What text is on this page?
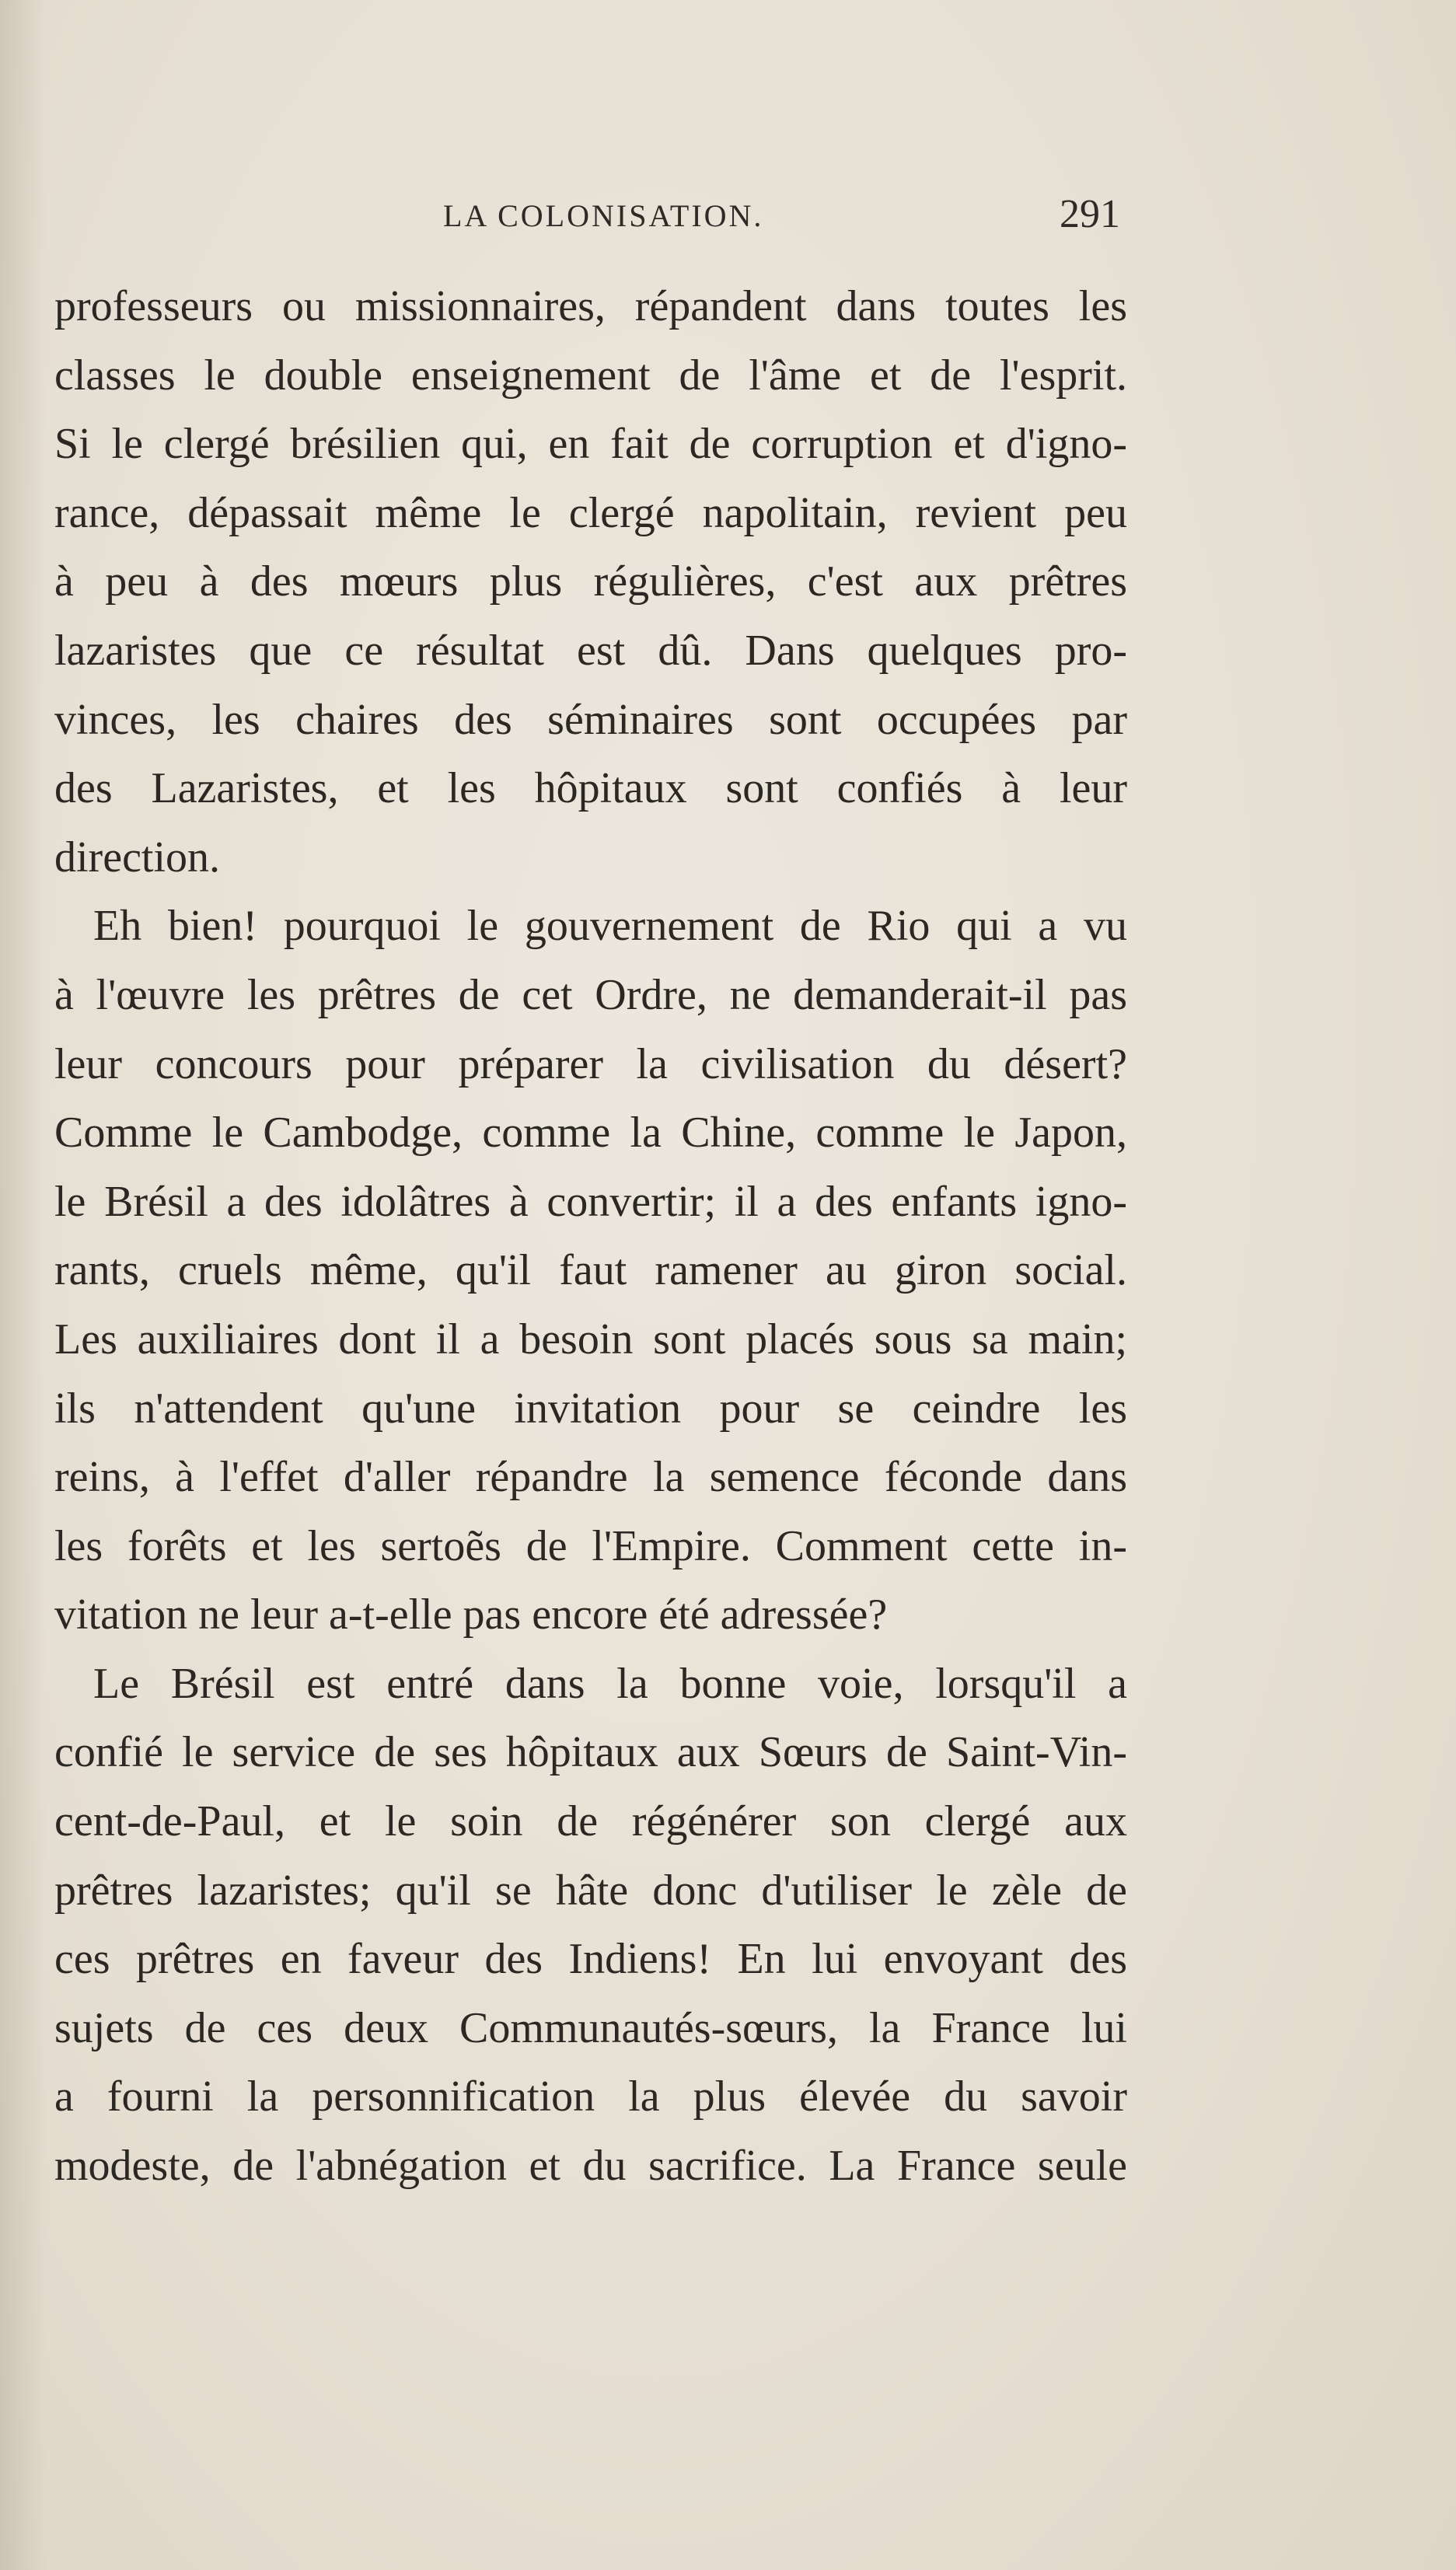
LA COLONISATION.	291
professeurs ou missionnaires, répandent dans toutes les
classes le double enseignement de l'âme et de l'esprit.
Si le clergé brésilien qui, en fait de corruption et d'igno-
rance, dépassait même le clergé napolitain, revient peu
à peu à des mœurs plus régulières, c'est aux prêtres
lazaristes que ce résultat est dû. Dans quelques pro-
vinces, les chaires des séminaires sont occupées par
des Lazaristes, et les hôpitaux sont confiés à leur
direction.
Eh bien! pourquoi le gouvernement de Rio qui a vu
à l'œuvre les prêtres de cet Ordre, ne demanderait-il pas
leur concours pour préparer la civilisation du désert?
Comme le Cambodge, comme la Chine, comme le Japon,
le Brésil a des idolâtres à convertir; il a des enfants igno-
rants, cruels même, qu'il faut ramener au giron social.
Les auxiliaires dont il a besoin sont placés sous sa main;
ils n'attendent qu'une invitation pour se ceindre les
reins, à l'effet d'aller répandre la semence féconde dans
les forêts et les sertoẽs de l'Empire. Comment cette in-
vitation ne leur a-t-elle pas encore été adressée?
Le Brésil est entré dans la bonne voie, lorsqu'il a
confié le service de ses hôpitaux aux Sœurs de Saint-Vin-
cent-de-Paul, et le soin de régénérer son clergé aux
prêtres lazaristes; qu'il se hâte donc d'utiliser le zèle de
ces prêtres en faveur des Indiens! En lui envoyant des
sujets de ces deux Communautés-sœurs, la France lui
a fourni la personnification la plus élevée du savoir
modeste, de l'abnégation et du sacrifice. La France seule
